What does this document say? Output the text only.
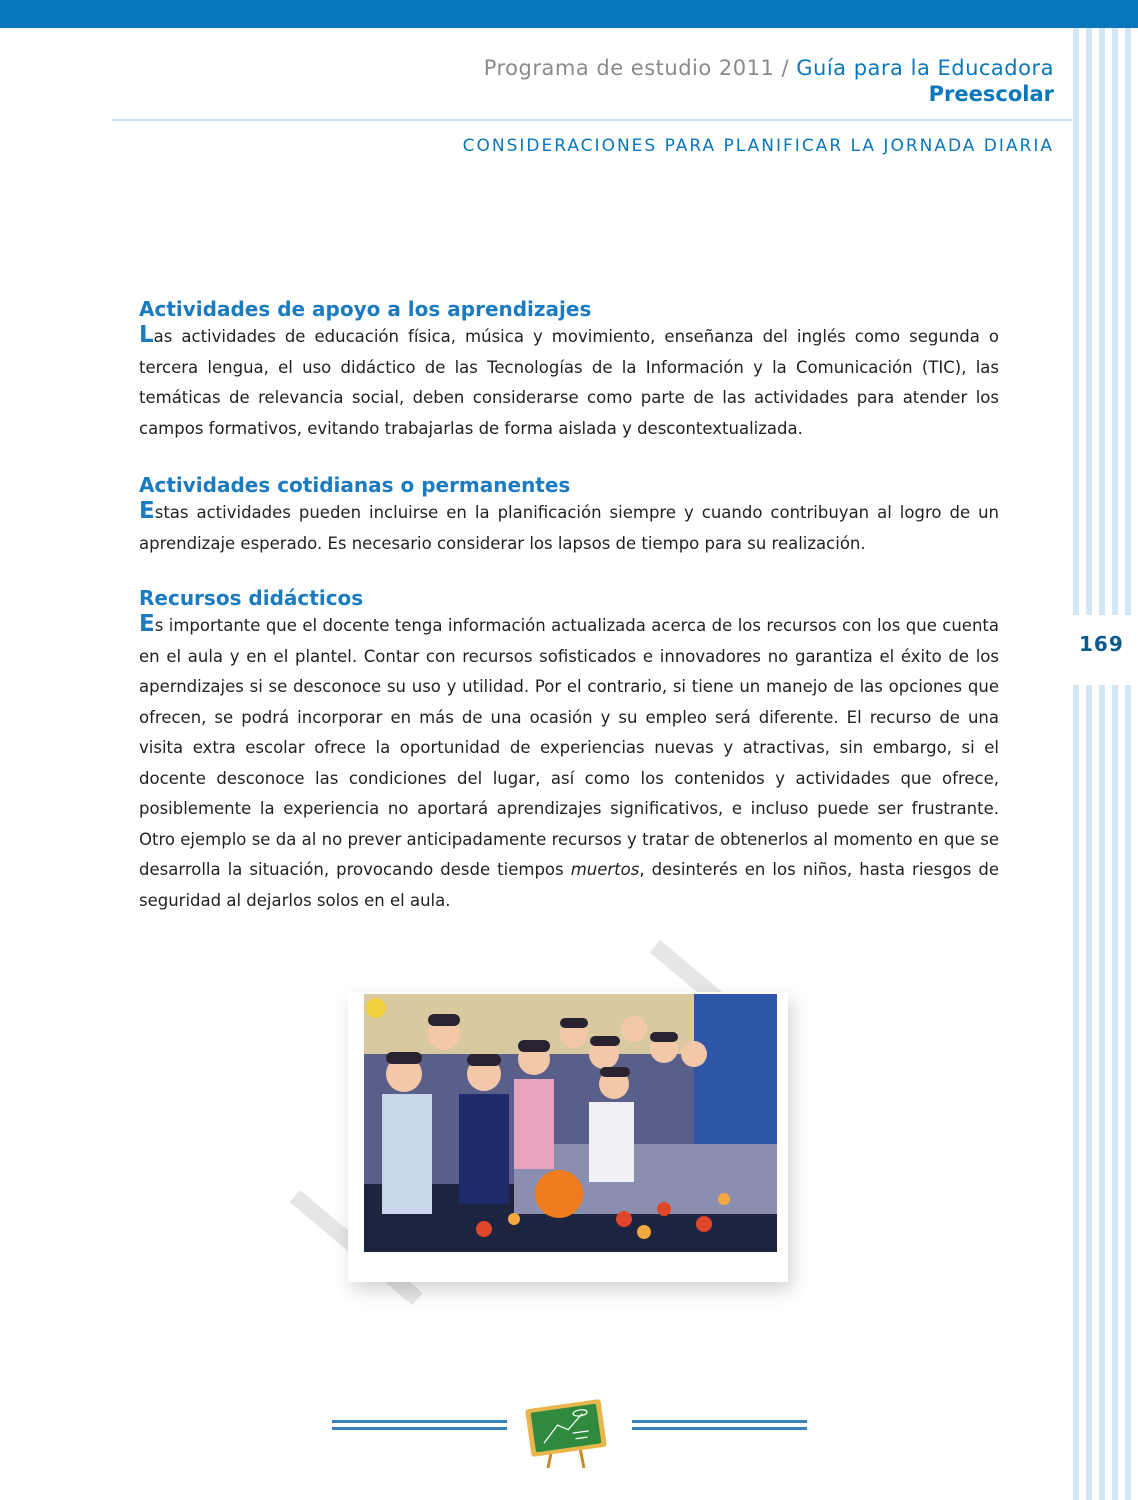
169
Programa de estudio 2011 / Guía para la Educadora
Preescolar
CONSIDERACIONES PARA PLANIFICAR LA JORNADA DIARIA
Actividades de apoyo a los aprendizajes

Las actividades de educación física, música y movimiento, enseñanza del inglés como segunda o tercera lengua, el uso didáctico de las Tecnologías de la Información y la Comunicación (TIC), las temáticas de relevancia social, deben considerarse como parte de las actividades para atender los campos formativos, evitando trabajarlas de forma aislada y descontextualizada.

Actividades cotidianas o permanentes

Estas actividades pueden incluirse en la planificación siempre y cuando contribuyan al logro de un aprendizaje esperado. Es necesario considerar los lapsos de tiempo para su realización.

Recursos didácticos

Es importante que el docente tenga información actualizada acerca de los recursos con los que cuenta en el aula y en el plantel. Contar con recursos sofisticados e innovadores no garantiza el éxito de los aperndizajes si se desconoce su uso y utilidad. Por el contrario, si tiene un manejo de las opciones que ofrecen, se podrá incorporar en más de una ocasión y su empleo será diferente. El recurso de una visita extra escolar ofrece la oportunidad de experiencias nuevas y atractivas, sin embargo, si el docente desconoce las condiciones del lugar, así como los contenidos y actividades que ofrece, posiblemente la experiencia no aportará aprendizajes significativos, e incluso puede ser frustrante. Otro ejemplo se da al no prever anticipadamente recursos y tratar de obtenerlos al momento en que se desarrolla la situación, provocando desde tiempos muertos, desinterés en los niños, hasta riesgos de seguridad al dejarlos solos en el aula.
